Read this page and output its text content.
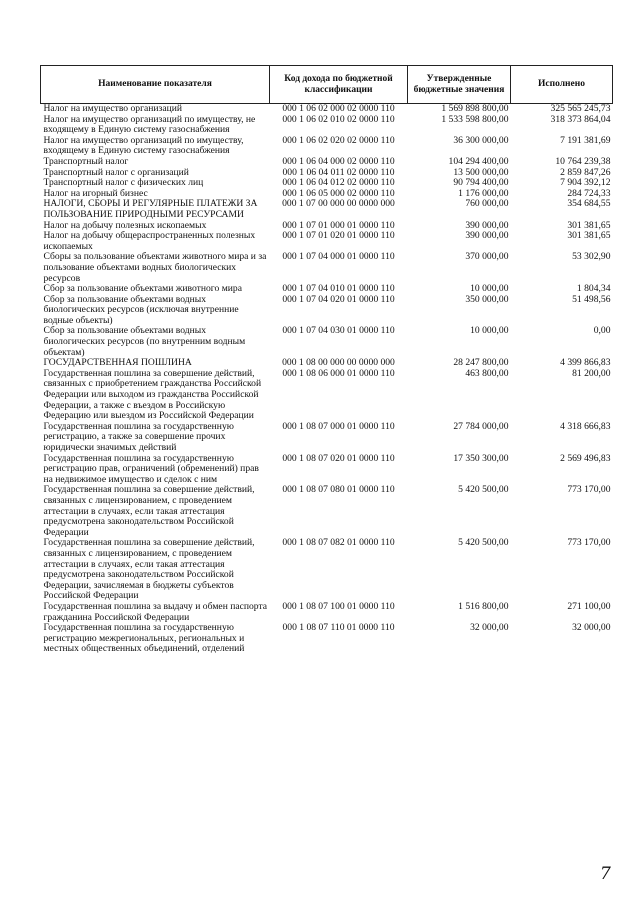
Наименование показателя	Код дохода по бюджетной классификации	Утвержденные бюджетные значения	Исполнено
Налог на имущество организаций	000 1 06 02 000 02 0000 110	1 569 898 800,00	325 565 245,73
Налог на имущество организаций по имуществу, не входящему в Единую систему газоснабжения	000 1 06 02 010 02 0000 110	1 533 598 800,00	318 373 864,04
Налог на имущество организаций по имуществу, входящему в Единую систему газоснабжения	000 1 06 02 020 02 0000 110	36 300 000,00	7 191 381,69
Транспортный налог	000 1 06 04 000 02 0000 110	104 294 400,00	10 764 239,38
Транспортный налог с организаций	000 1 06 04 011 02 0000 110	13 500 000,00	2 859 847,26
Транспортный налог с физических лиц	000 1 06 04 012 02 0000 110	90 794 400,00	7 904 392,12
Налог на игорный бизнес	000 1 06 05 000 02 0000 110	1 176 000,00	284 724,33
НАЛОГИ, СБОРЫ И РЕГУЛЯРНЫЕ ПЛАТЕЖИ ЗА ПОЛЬЗОВАНИЕ ПРИРОДНЫМИ РЕСУРСАМИ	000 1 07 00 000 00 0000 000	760 000,00	354 684,55
Налог на добычу полезных ископаемых	000 1 07 01 000 01 0000 110	390 000,00	301 381,65
Налог на добычу общераспространенных полезных ископаемых	000 1 07 01 020 01 0000 110	390 000,00	301 381,65
Сборы за пользование объектами животного мира и за пользование объектами водных биологических ресурсов	000 1 07 04 000 01 0000 110	370 000,00	53 302,90
Сбор за пользование объектами животного мира	000 1 07 04 010 01 0000 110	10 000,00	1 804,34
Сбор за пользование объектами водных биологических ресурсов (исключая внутренние водные объекты)	000 1 07 04 020 01 0000 110	350 000,00	51 498,56
Сбор за пользование объектами водных биологических ресурсов (по внутренним водным объектам)	000 1 07 04 030 01 0000 110	10 000,00	0,00
ГОСУДАРСТВЕННАЯ ПОШЛИНА	000 1 08 00 000 00 0000 000	28 247 800,00	4 399 866,83
Государственная пошлина за совершение действий, связанных с приобретением гражданства Российской Федерации или выходом из гражданства Российской Федерации, а также с въездом в Российскую Федерацию или выездом из Российской Федерации	000 1 08 06 000 01 0000 110	463 800,00	81 200,00
Государственная пошлина за государственную регистрацию, а также за совершение прочих юридически значимых действий	000 1 08 07 000 01 0000 110	27 784 000,00	4 318 666,83
Государственная пошлина за государственную регистрацию прав, ограничений (обременений) прав на недвижимое имущество и сделок с ним	000 1 08 07 020 01 0000 110	17 350 300,00	2 569 496,83
Государственная пошлина за совершение действий, связанных с лицензированием, с проведением аттестации в случаях, если такая аттестация предусмотрена законодательством Российской Федерации	000 1 08 07 080 01 0000 110	5 420 500,00	773 170,00
Государственная пошлина за совершение действий, связанных с лицензированием, с проведением аттестации в случаях, если такая аттестация предусмотрена законодательством Российской Федерации, зачисляемая в бюджеты субъектов Российской Федерации	000 1 08 07 082 01 0000 110	5 420 500,00	773 170,00
Государственная пошлина за выдачу и обмен паспорта гражданина Российской Федерации	000 1 08 07 100 01 0000 110	1 516 800,00	271 100,00
Государственная пошлина за государственную регистрацию межрегиональных, региональных и местных общественных объединений, отделений	000 1 08 07 110 01 0000 110	32 000,00	32 000,00
7
